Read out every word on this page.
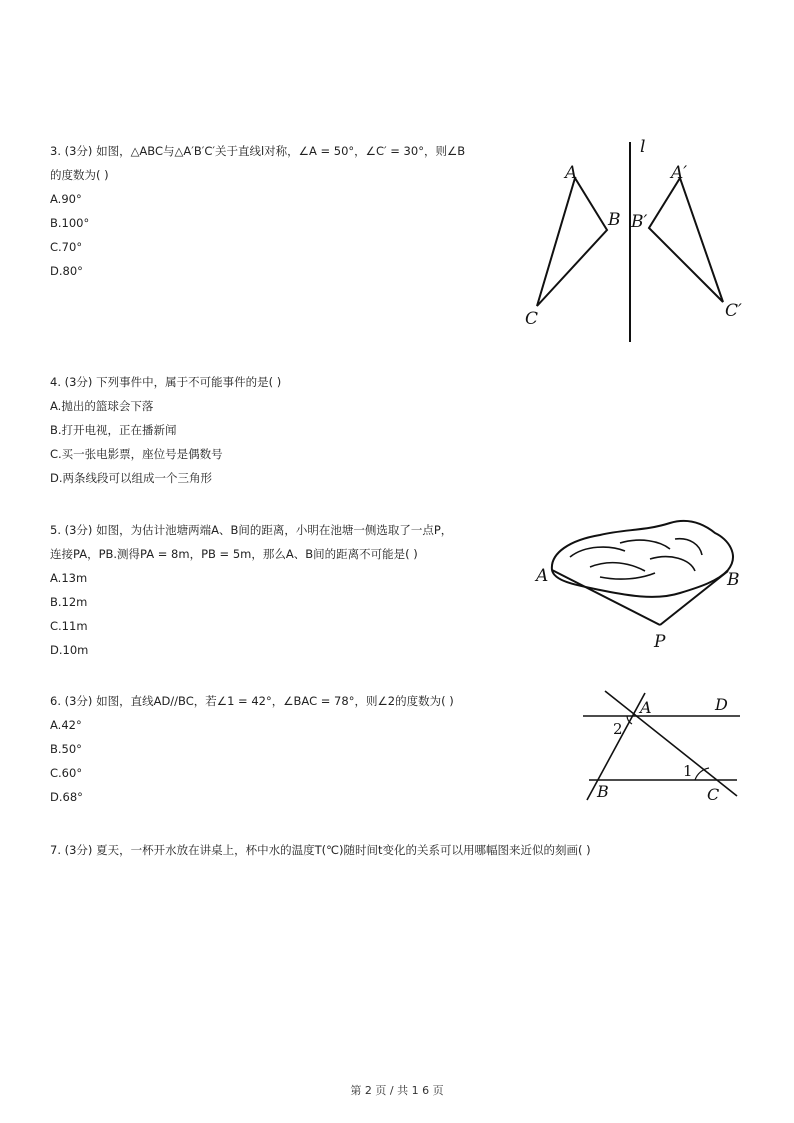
3. (3分) 如图，△ABC与△A′B′C′关于直线l对称，∠A = 50°，∠C′ = 30°，则∠B
的度数为( )
A.90°
B.100°
C.70°
D.80°
l
A
B
C
A′
B′
C′
4. (3分) 下列事件中，属于不可能事件的是( )
A.抛出的篮球会下落
B.打开电视，正在播新闻
C.买一张电影票，座位号是偶数号
D.两条线段可以组成一个三角形
5. (3分) 如图，为估计池塘两端A、B间的距离，小明在池塘一侧选取了一点P，
连接PA，PB.测得PA = 8m，PB = 5m，那么A、B间的距离不可能是( )
A.13m
B.12m
C.11m
D.10m
A	B
P
6. (3分) 如图，直线AD//BC，若∠1 = 42°，∠BAC = 78°，则∠2的度数为( )
A.42°
B.50°
C.60°
D.68°
A	D
B	C
1
2
7. (3分) 夏天，一杯开水放在讲桌上，杯中水的温度T(℃)随时间t变化的关系可以用哪幅图来近似的刻画( )
第 2 页 / 共 1 6 页
